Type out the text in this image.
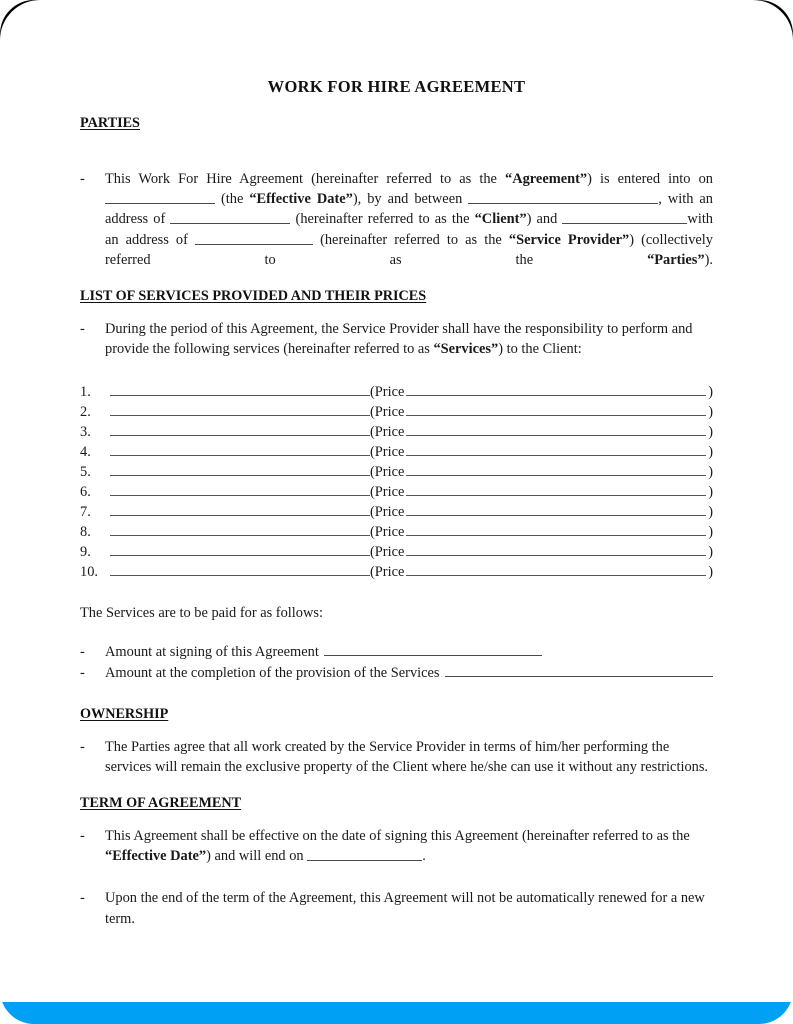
WORK FOR HIRE AGREEMENT
PARTIES
-	This Work For Hire Agreement (hereinafter referred to as the “Agreement”) is entered into on  (the “Effective Date”), by and between	, with an address of	(hereinafter referred to as the “Client”) and	with an address of	(hereinafter referred to as the “Service Provider”) (collectively referred to as the “Parties”).
LIST OF SERVICES PROVIDED AND THEIR PRICES
-	During the period of this Agreement, the Service Provider shall have the responsibility to perform and provide the following services (hereinafter referred to as “Services”) to the Client:
1.	(Price	)
2.	(Price	)
3.	(Price	)
4.	(Price	)
5.	(Price	)
6.	(Price	)
7.	(Price	)
8.	(Price	)
9.	(Price	)
10.	(Price	)

The Services are to be paid for as follows:

-	Amount at signing of this Agreement
-	Amount at the completion of the provision of the Services
OWNERSHIP
-	The Parties agree that all work created by the Service Provider in terms of him/her performing the services will remain the exclusive property of the Client where he/she can use it without any restrictions.
TERM OF AGREEMENT
-	This Agreement shall be effective on the date of signing this Agreement (hereinafter referred to as the “Effective Date”) and will end on	.
-	Upon the end of the term of the Agreement, this Agreement will not be automatically renewed for a new term.
